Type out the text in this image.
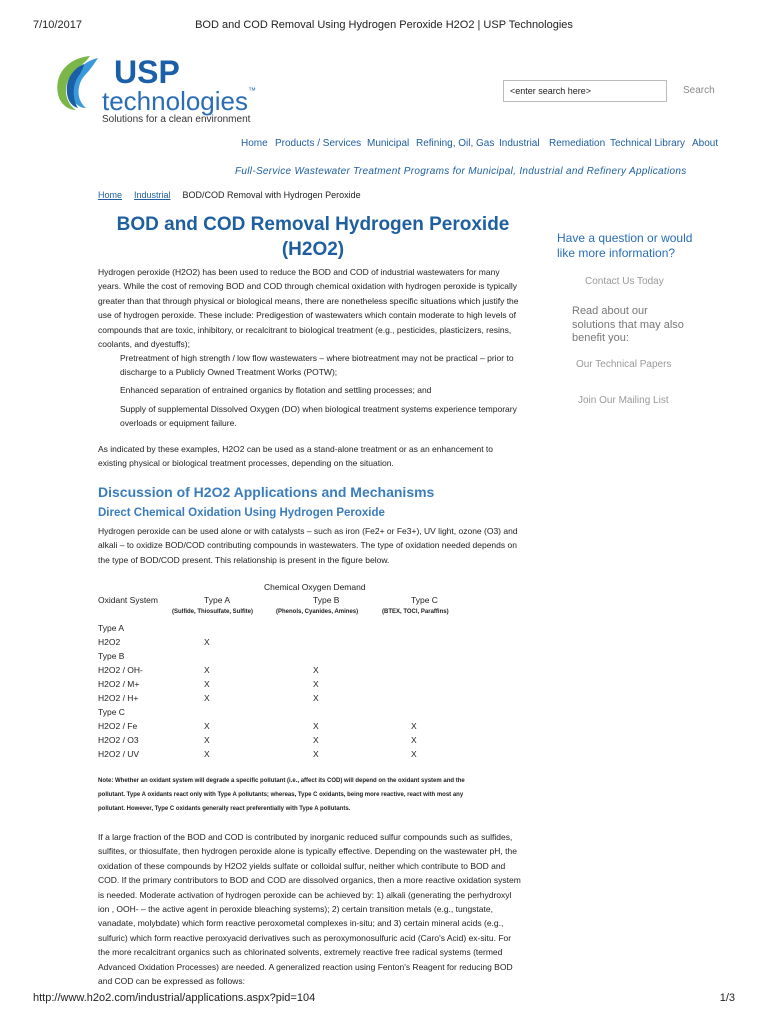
7/10/2017	BOD and COD Removal Using Hydrogen Peroxide H2O2 | USP Technologies
http://www.h2o2.com/industrial/applications.aspx?pid=104	1/3
USP
technologies™
Solutions for a clean environment
<enter search here>	Search
Home Products / Services Municipal Refining, Oil, Gas Industrial Remediation Technical Library About
Full-Service Wastewater Treatment Programs for Municipal, Industrial and Refinery Applications
Home Industrial BOD/COD Removal with Hydrogen Peroxide
BOD and COD Removal Hydrogen Peroxide
(H2O2)
Hydrogen peroxide (H2O2) has been used to reduce the BOD and COD of industrial wastewaters for many
years. While the cost of removing BOD and COD through chemical oxidation with hydrogen peroxide is typically
greater than that through physical or biological means, there are nonetheless specific situations which justify the
use of hydrogen peroxide. These include: Predigestion of wastewaters which contain moderate to high levels of
compounds that are toxic, inhibitory, or recalcitrant to biological treatment (e.g., pesticides, plasticizers, resins,
coolants, and dyestuffs);
Pretreatment of high strength / low flow wastewaters – where biotreatment may not be practical – prior to
discharge to a Publicly Owned Treatment Works (POTW);
Enhanced separation of entrained organics by flotation and settling processes; and
Supply of supplemental Dissolved Oxygen (DO) when biological treatment systems experience temporary
overloads or equipment failure.
As indicated by these examples, H2O2 can be used as a stand-alone treatment or as an enhancement to
existing physical or biological treatment processes, depending on the situation.
Discussion of H2O2 Applications and Mechanisms
Direct Chemical Oxidation Using Hydrogen Peroxide
Hydrogen peroxide can be used alone or with catalysts – such as iron (Fe2+ or Fe3+), UV light, ozone (O3) and
alkali – to oxidize BOD/COD contributing compounds in wastewaters. The type of oxidation needed depends on
the type of BOD/COD present. This relationship is present in the figure below.
Chemical Oxygen Demand
Oxidant System	Type A	Type B	Type C
(Sulfide, Thiosulfate, Sulfite)	(Phenols, Cyanides, Amines)	(BTEX, TOCl, Paraffins)
Type A
H2O2	X
Type B
H2O2 / OH-	X	X
H2O2 / M+	X	X
H2O2 / H+	X	X
Type C
H2O2 / Fe	X	X	X
H2O2 / O3	X	X	X
H2O2 / UV	X	X	X
Note: Whether an oxidant system will degrade a specific pollutant (i.e., affect its COD) will depend on the oxidant system and the
pollutant. Type A oxidants react only with Type A pollutants; whereas, Type C oxidants, being more reactive, react with most any
pollutant. However, Type C oxidants generally react preferentially with Type A pollutants.
If a large fraction of the BOD and COD is contributed by inorganic reduced sulfur compounds such as sulfides,
sulfites, or thiosulfate, then hydrogen peroxide alone is typically effective. Depending on the wastewater pH, the
oxidation of these compounds by H2O2 yields sulfate or colloidal sulfur, neither which contribute to BOD and
COD. If the primary contributors to BOD and COD are dissolved organics, then a more reactive oxidation system
is needed. Moderate activation of hydrogen peroxide can be achieved by: 1) alkali (generating the perhydroxyl
ion , OOH- – the active agent in peroxide bleaching systems); 2) certain transition metals (e.g., tungstate,
vanadate, molybdate) which form reactive peroxometal complexes in-situ; and 3) certain mineral acids (e.g.,
sulfuric) which form reactive peroxyacid derivatives such as peroxymonosulfuric acid (Caro's Acid) ex-situ. For
the more recalcitrant organics such as chlorinated solvents, extremely reactive free radical systems (termed
Advanced Oxidation Processes) are needed. A generalized reaction using Fenton's Reagent for reducing BOD
and COD can be expressed as follows:
Have a question or would
like more information?
Contact Us Today
Read about our
solutions that may also
benefit you:
Our Technical Papers
Join Our Mailing List
